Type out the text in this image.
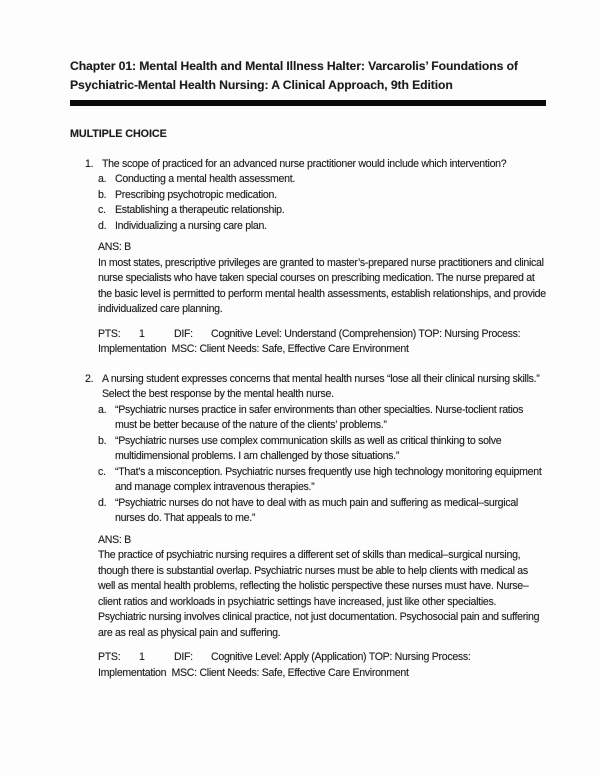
Chapter 01: Mental Health and Mental Illness Halter: Varcarolis’ Foundations of
Psychiatric-Mental Health Nursing: A Clinical Approach, 9th Edition
MULTIPLE CHOICE
1. The scope of practiced for an advanced nurse practitioner would include which intervention?
a. Conducting a mental health assessment.
b. Prescribing psychotropic medication.
c. Establishing a therapeutic relationship.
d. Individualizing a nursing care plan.
ANS: B
In most states, prescriptive privileges are granted to master’s-prepared nurse practitioners and clinical nurse specialists who have taken special courses on prescribing medication. The nurse prepared at the basic level is permitted to perform mental health assessments, establish relationships, and provide individualized care planning.
PTS: 1	DIF: Cognitive Level: Understand (Comprehension) TOP: Nursing Process:
Implementation  MSC: Client Needs: Safe, Effective Care Environment
2. A nursing student expresses concerns that mental health nurses “lose all their clinical nursing skills.” Select the best response by the mental health nurse.
a. “Psychiatric nurses practice in safer environments than other specialties. Nurse-toclient ratios must be better because of the nature of the clients’ problems.”
b. “Psychiatric nurses use complex communication skills as well as critical thinking to solve multidimensional problems. I am challenged by those situations.”
c. “That’s a misconception. Psychiatric nurses frequently use high technology monitoring equipment and manage complex intravenous therapies.”
d. “Psychiatric nurses do not have to deal with as much pain and suffering as medical–surgical nurses do. That appeals to me.”
ANS: B
The practice of psychiatric nursing requires a different set of skills than medical–surgical nursing, though there is substantial overlap. Psychiatric nurses must be able to help clients with medical as well as mental health problems, reflecting the holistic perspective these nurses must have. Nurse–client ratios and workloads in psychiatric settings have increased, just like other specialties. Psychiatric nursing involves clinical practice, not just documentation. Psychosocial pain and suffering are as real as physical pain and suffering.
PTS: 1	DIF: Cognitive Level: Apply (Application) TOP: Nursing Process:
Implementation  MSC: Client Needs: Safe, Effective Care Environment
